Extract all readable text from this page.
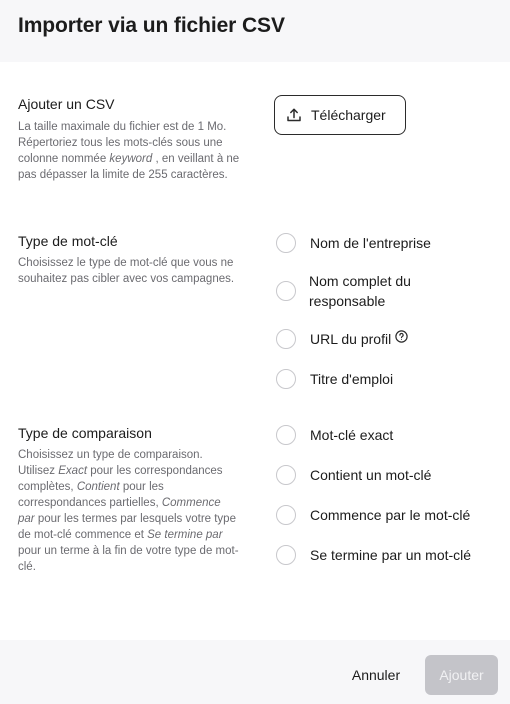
Importer via un fichier CSV
Ajouter un CSV
La taille maximale du fichier est de 1 Mo. Répertoriez tous les mots-clés sous une colonne nommée keyword , en veillant à ne pas dépasser la limite de 255 caractères.
Télécharger
Type de mot-clé
Choisissez le type de mot-clé que vous ne souhaitez pas cibler avec vos campagnes.
Nom de l'entreprise
Nom complet du responsable
URL du profil
Titre d'emploi
Type de comparaison
Choisissez un type de comparaison. Utilisez Exact pour les correspondances complètes, Contient pour les correspondances partielles, Commence par pour les termes par lesquels votre type de mot-clé commence et Se termine par pour un terme à la fin de votre type de mot-clé.
Mot-clé exact
Contient un mot-clé
Commence par le mot-clé
Se termine par un mot-clé
Annuler	Ajouter
